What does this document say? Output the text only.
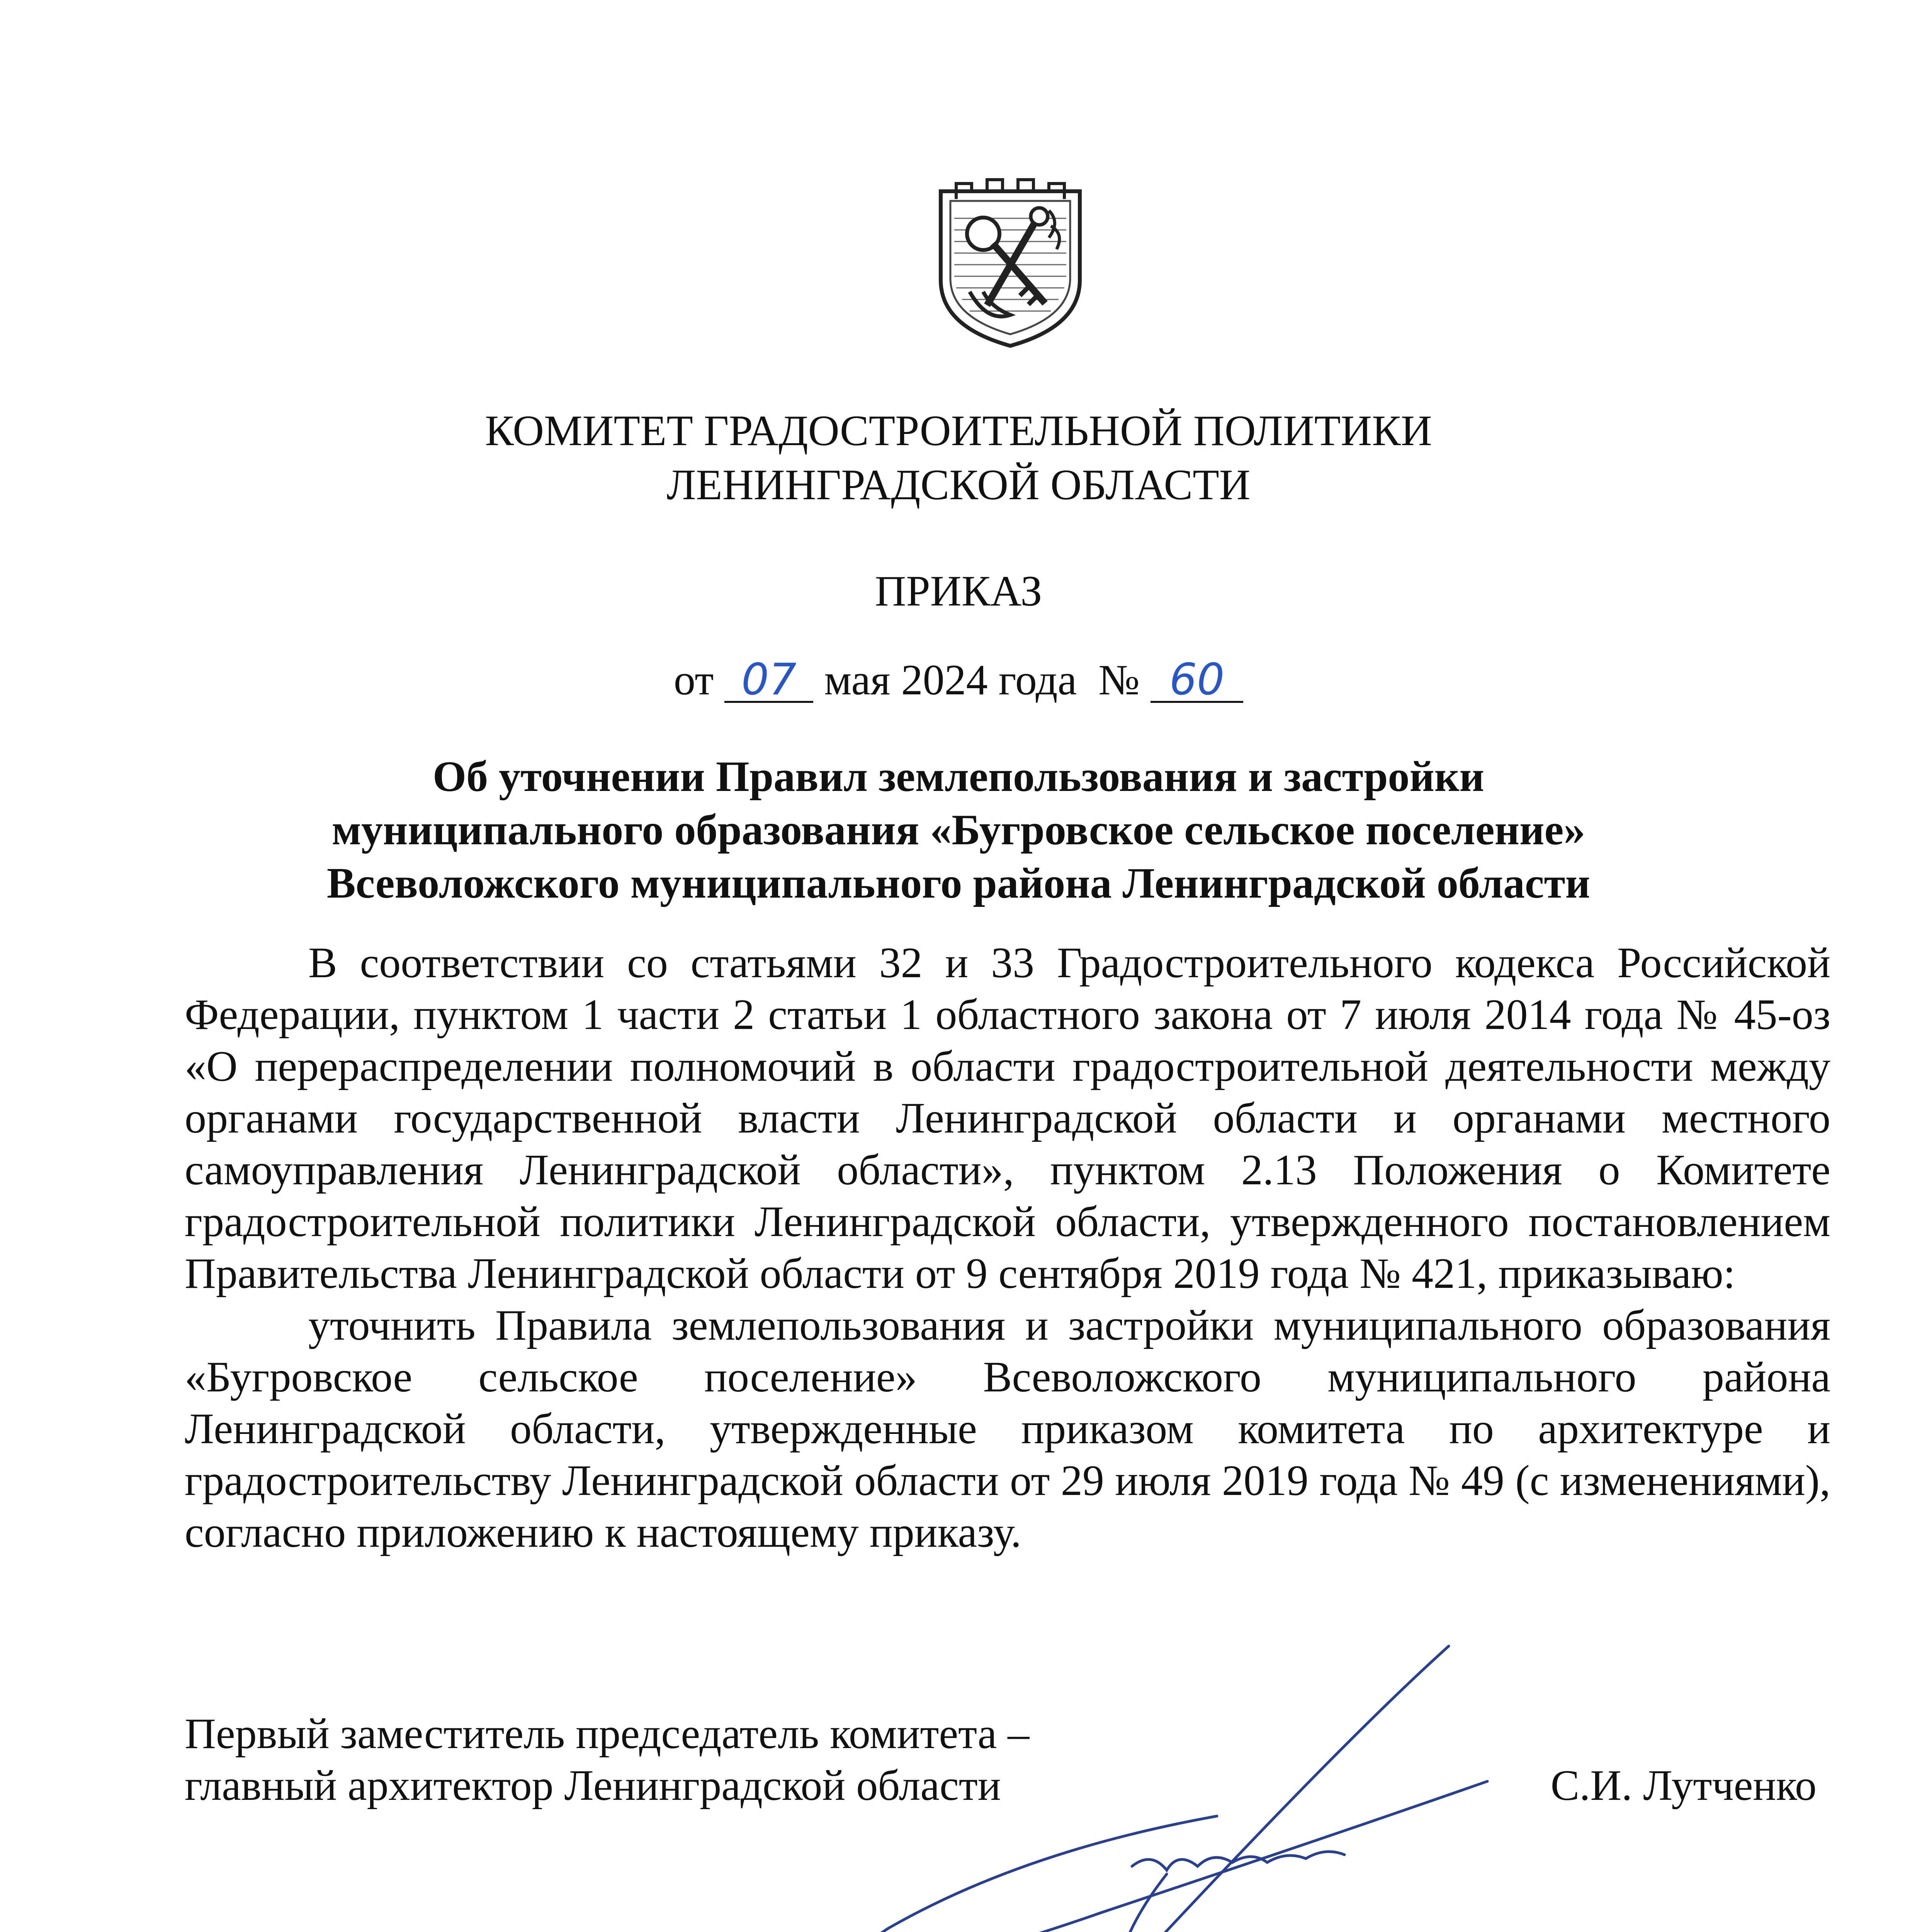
КОМИТЕТ ГРАДОСТРОИТЕЛЬНОЙ ПОЛИТИКИ
ЛЕНИНГРАДСКОЙ ОБЛАСТИ
ПРИКАЗ
от 07 мая 2024 года № 60
Об уточнении Правил землепользования и застройки
муниципального образования «Бугровское сельское поселение»
Всеволожского муниципального района Ленинградской области

В соответствии со статьями 32 и 33 Градостроительного кодекса Российской Федерации, пунктом 1 части 2 статьи 1 областного закона от 7 июля 2014 года № 45-оз «О перераспределении полномочий в области градостроительной деятельности между органами государственной власти Ленинградской области и органами местного самоуправления Ленинградской области», пунктом 2.13 Положения о Комитете градостроительной политики Ленинградской области, утвержденного постановлением Правительства Ленинградской области от 9 сентября 2019 года № 421, приказываю:

уточнить Правила землепользования и застройки муниципального образования «Бугровское сельское поселение» Всеволожского муниципального района Ленинградской области, утвержденные приказом комитета по архитектуре и градостроительству Ленинградской области от 29 июля 2019 года № 49 (с изменениями), согласно приложению к настоящему приказу.

Первый заместитель председатель комитета –
главный архитектор Ленинградской области	С.И. Лутченко
